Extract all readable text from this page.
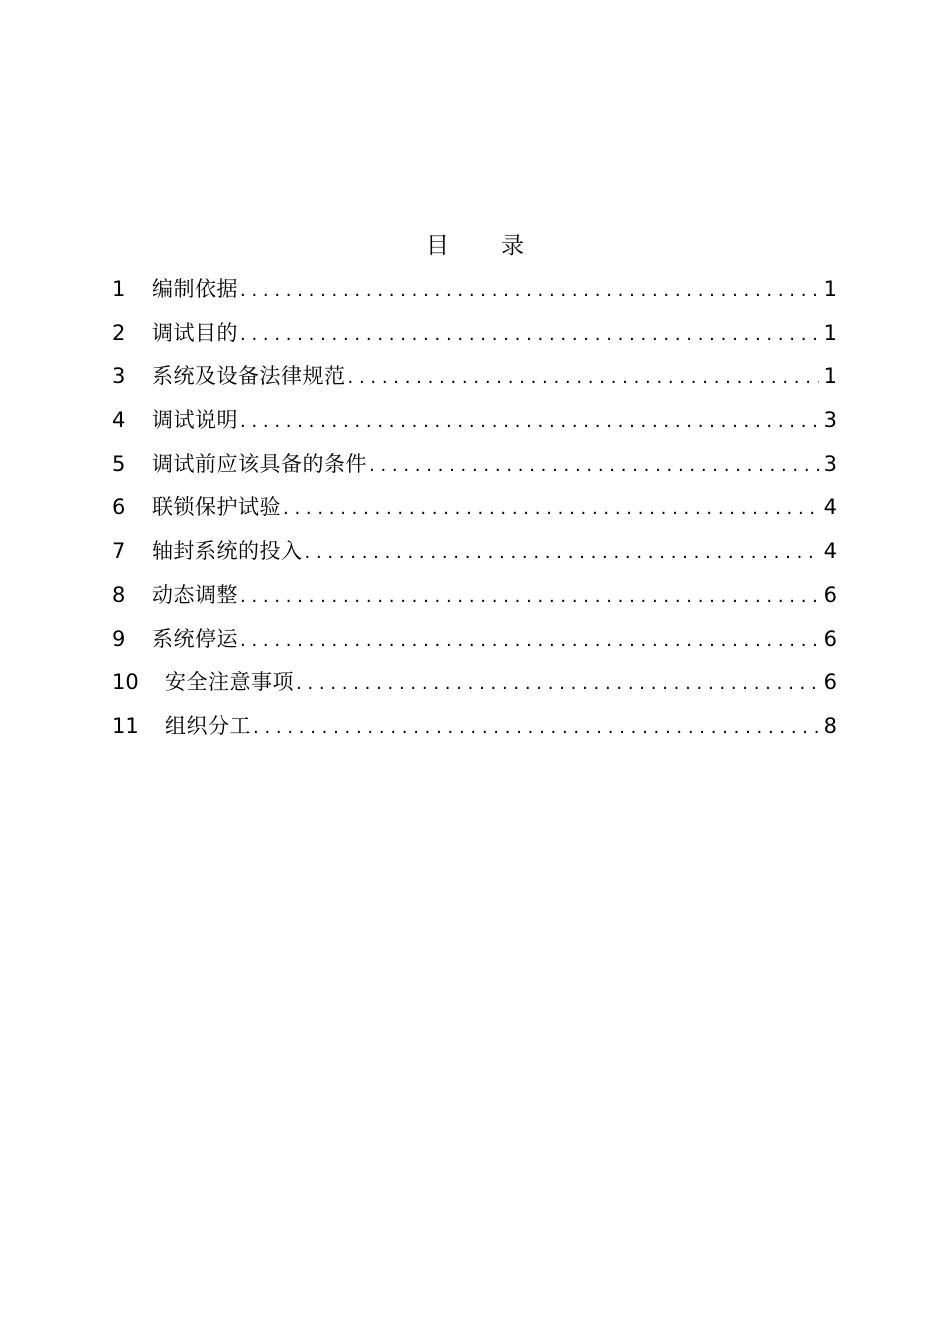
目 录
1	编制依据 . . .	1
2	调试目的 . . .	1
3	系统及设备法律规范 . . .	1
4	调试说明 . . .	3
5	调试前应该具备的条件 . . .	3
6	联锁保护试验 . . .	4
7	轴封系统的投入 . . .	4
8	动态调整 . . .	6
9	系统停运 . . .	6
10	安全注意事项 . . .	6
11	组织分工 . . .	8
